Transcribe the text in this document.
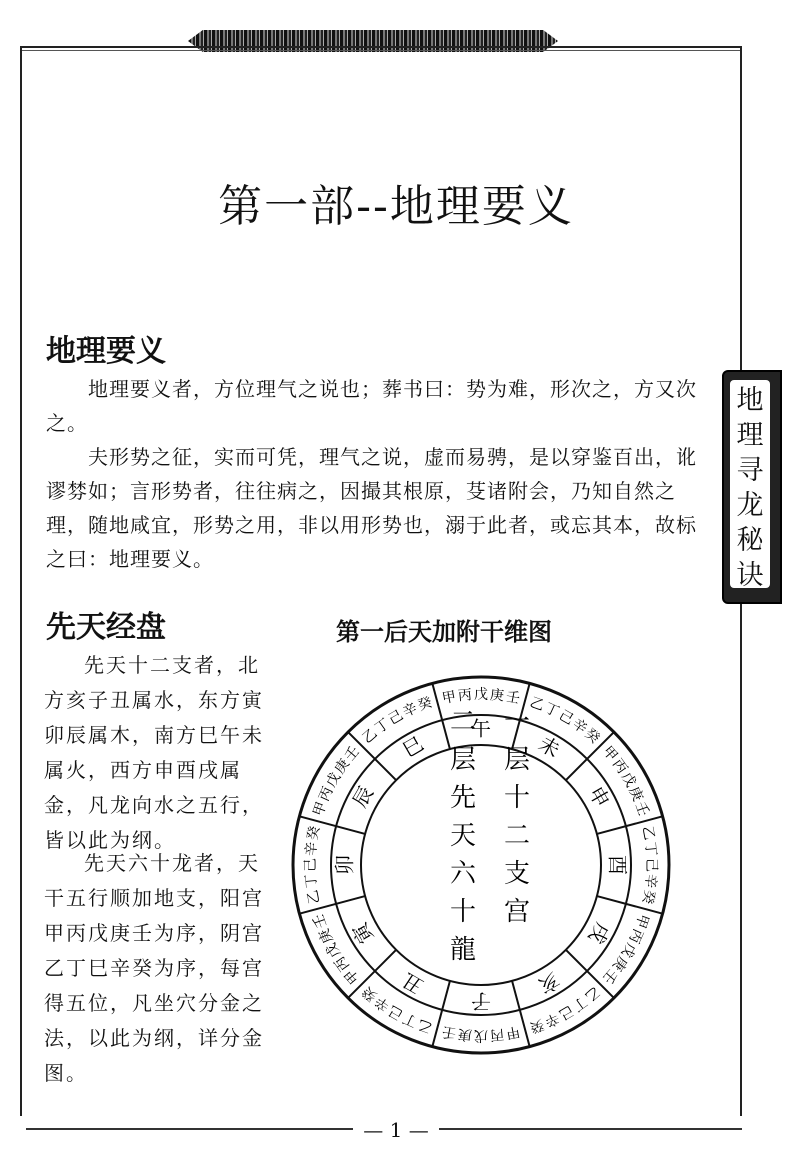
地
理
寻
龙
秘
诀
第一部--地理要义
地理要义

地理要义者，方位理气之说也；葬书曰：势为难，形次之，方又次之。

夫形势之征，实而可凭，理气之说，虚而易骋，是以穿鉴百出，讹谬棼如；言形势者，往往病之，因撮其根原，芟诸附会，乃知自然之理，随地咸宜，形势之用，非以用形势也，溺于此者，或忘其本，故标之曰：地理要义。

先天经盘

先天十二支者，北方亥子丑属水，东方寅卯辰属木，南方巳午未属火，西方申酉戌属金，凡龙向水之五行，皆以此为纲。

先天六十龙者，天干五行顺加地支，阳宫甲丙戊庚壬为序，阴宫乙丁巳辛癸为序，每宫得五位，凡坐穴分金之法，以此为纲，详分金图。

第一后天加附干维图
午
未
申
酉
戌
亥
子
丑
寅
卯
辰
巳
甲 丙 戊 庚 壬 乙
丁
己
辛
癸
甲
丙
戊
庚
壬
乙
丁
己
辛
癸
甲
丙
戊
庚
壬
乙
丁
己
辛
癸
甲
丙
戊
庚
壬
乙
丁
己
辛
癸
甲
丙
戊
庚
壬
乙
丁
己
辛
癸
甲
丙
戊
庚
壬
乙
丁
己
辛
癸
一层十二支宫
二层先天六十龍
— 1 —
